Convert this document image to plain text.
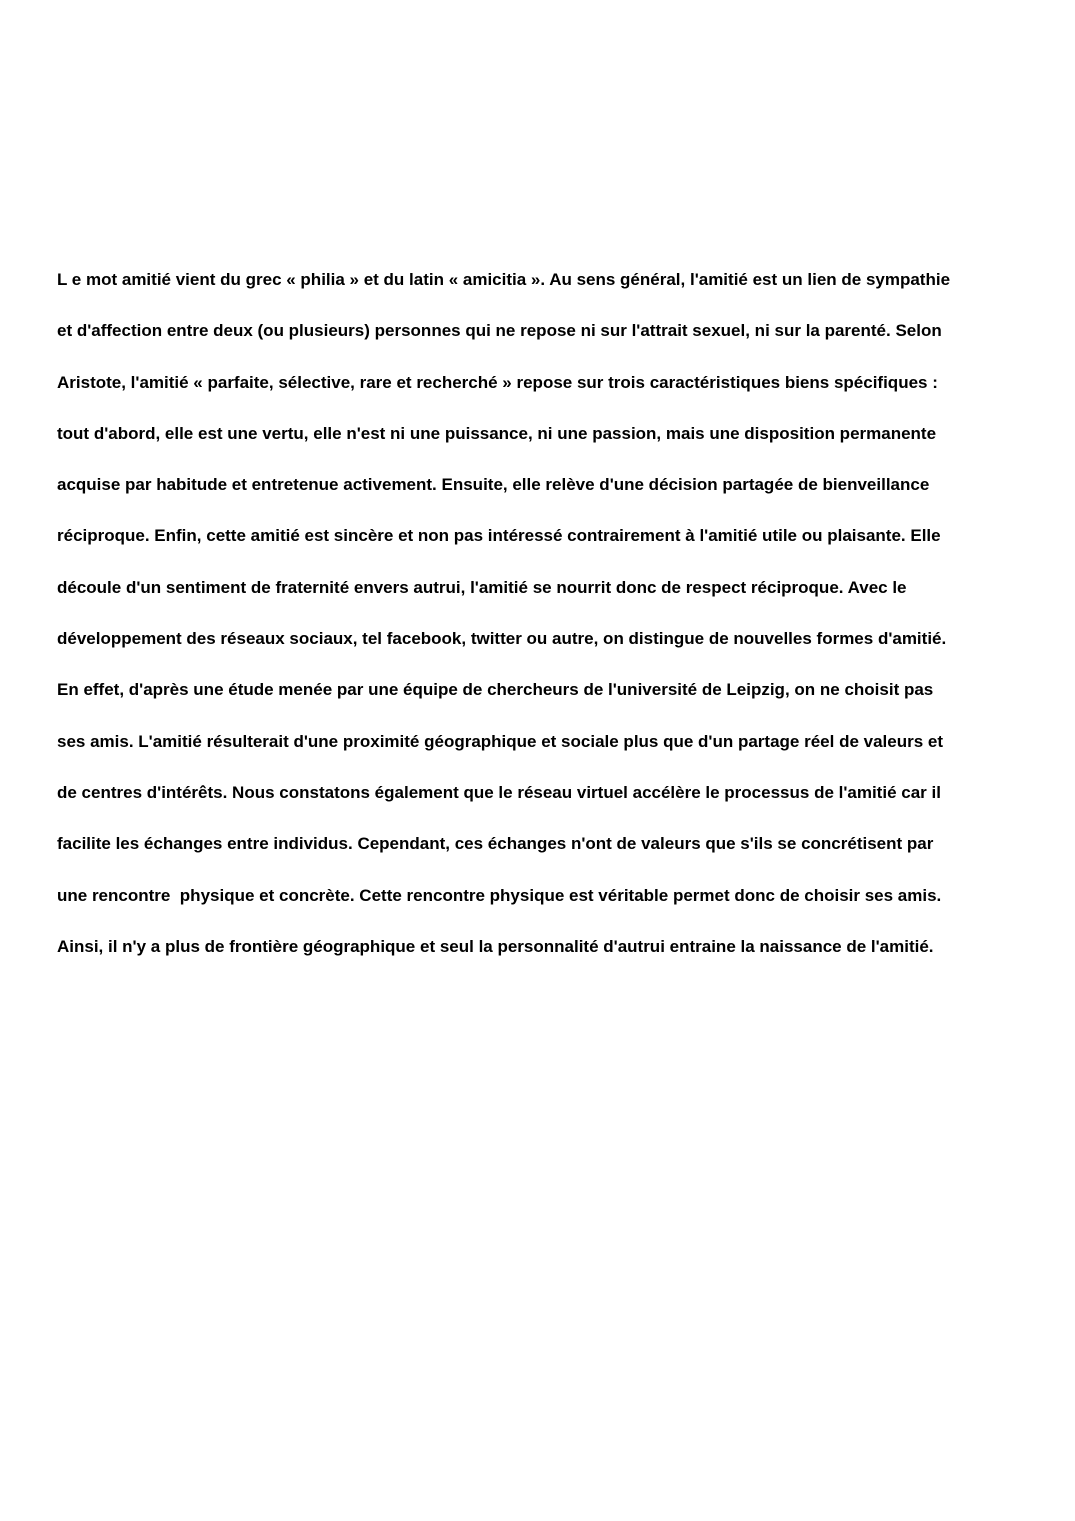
L e mot amitié vient du grec « philia » et du latin « amicitia ». Au sens général, l'amitié est un lien de sympathie
et d'affection entre deux (ou plusieurs) personnes qui ne repose ni sur l'attrait sexuel, ni sur la parenté. Selon
Aristote, l'amitié « parfaite, sélective, rare et recherché » repose sur trois caractéristiques biens spécifiques :
tout d'abord, elle est une vertu, elle n'est ni une puissance, ni une passion, mais une disposition permanente
acquise par habitude et entretenue activement. Ensuite, elle relève d'une décision partagée de bienveillance
réciproque. Enfin, cette amitié est sincère et non pas intéressé contrairement à l'amitié utile ou plaisante. Elle
découle d'un sentiment de fraternité envers autrui, l'amitié se nourrit donc de respect réciproque. Avec le
développement des réseaux sociaux, tel facebook, twitter ou autre, on distingue de nouvelles formes d'amitié.
En effet, d'après une étude menée par une équipe de chercheurs de l'université de Leipzig, on ne choisit pas
ses amis. L'amitié résulterait d'une proximité géographique et sociale plus que d'un partage réel de valeurs et
de centres d'intérêts. Nous constatons également que le réseau virtuel accélère le processus de l'amitié car il
facilite les échanges entre individus. Cependant, ces échanges n'ont de valeurs que s'ils se concrétisent par
une rencontre  physique et concrète. Cette rencontre physique est véritable permet donc de choisir ses amis.
Ainsi, il n'y a plus de frontière géographique et seul la personnalité d'autrui entraine la naissance de l'amitié.
